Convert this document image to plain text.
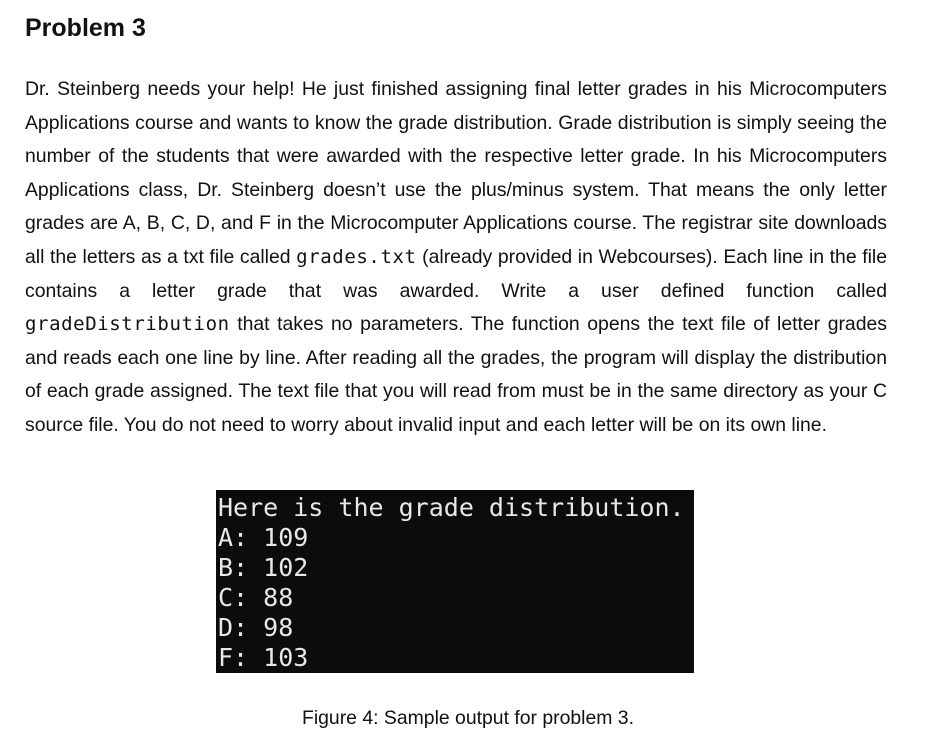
Problem 3

Dr. Steinberg needs your help! He just finished assigning final letter grades in his Microcomputers Applications course and wants to know the grade distribution. Grade distribution is simply seeing the number of the students that were awarded with the respective letter grade. In his Microcomputers Applications class, Dr. Steinberg doesn’t use the plus/minus system. That means the only letter grades are A, B, C, D, and F in the Microcomputer Applications course. The registrar site downloads all the letters as a txt file called grades.txt (already provided in Webcourses). Each line in the file contains a letter grade that was awarded. Write a user defined function called gradeDistribution that takes no parameters. The function opens the text file of letter grades and reads each one line by line. After reading all the grades, the program will display the distribution of each grade assigned. The text file that you will read from must be in the same directory as your C source file. You do not need to worry about invalid input and each letter will be on its own line.

Here is the grade distribution.
A: 109
B: 102
C: 88
D: 98
F: 103
Figure 4: Sample output for problem 3.
